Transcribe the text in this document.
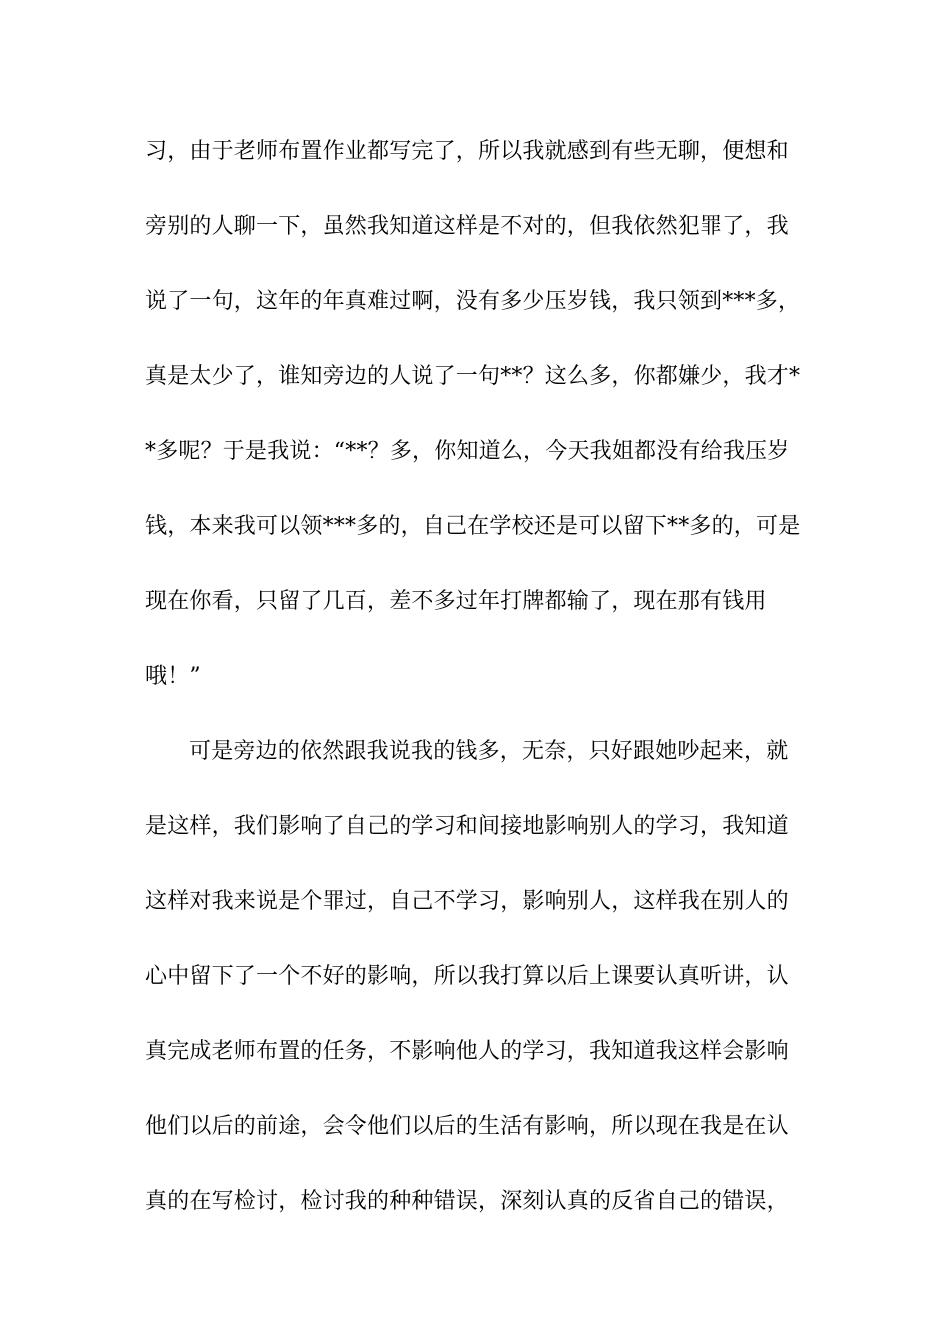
习，由于老师布置作业都写完了，所以我就感到有些无聊，便想和
旁别的人聊一下，虽然我知道这样是不对的，但我依然犯罪了，我
说了一句，这年的年真难过啊，没有多少压岁钱，我只领到***多，
真是太少了，谁知旁边的人说了一句**？这么多，你都嫌少，我才*
*多呢？于是我说：“**？多，你知道么，今天我姐都没有给我压岁
钱，本来我可以领***多的，自己在学校还是可以留下**多的，可是
现在你看，只留了几百，差不多过年打牌都输了，现在那有钱用
哦！”
可是旁边的依然跟我说我的钱多，无奈，只好跟她吵起来，就
是这样，我们影响了自己的学习和间接地影响别人的学习，我知道
这样对我来说是个罪过，自己不学习，影响别人，这样我在别人的
心中留下了一个不好的影响，所以我打算以后上课要认真听讲，认
真完成老师布置的任务，不影响他人的学习，我知道我这样会影响
他们以后的前途，会令他们以后的生活有影响，所以现在我是在认
真的在写检讨，检讨我的种种错误，深刻认真的反省自己的错误，
